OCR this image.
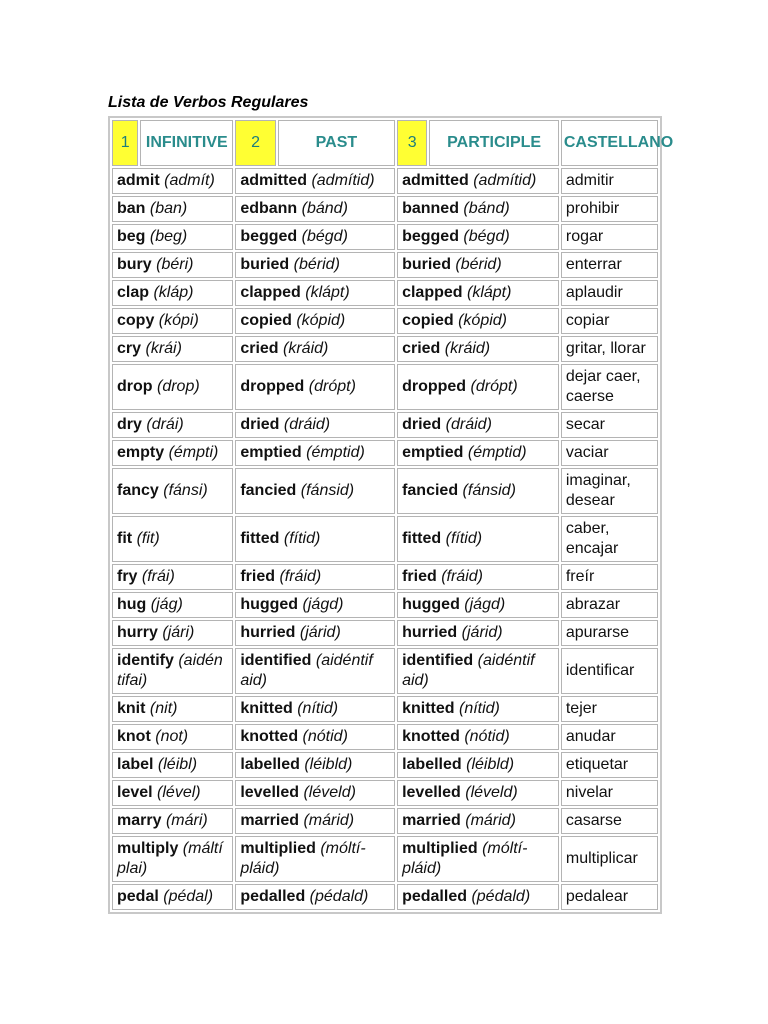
Lista de Verbos Regulares
1	INFINITIVE	2	PAST	3	PARTICIPLE	CASTELLANO
admit (admít)		admitted (admítid)		admitted (admítid)		admitir
ban (ban)		edbann (bánd)		banned (bánd)		prohibir
beg (beg)		begged (bégd)		begged (bégd)		rogar
bury (béri)		buried (bérid)		buried (bérid)		enterrar
clap (kláp)		clapped (klápt)		clapped (klápt)		aplaudir
copy (kópi)		copied (kópid)		copied (kópid)		copiar
cry (krái)		cried (kráid)		cried (kráid)		gritar, llorar
drop (drop)		dropped (drópt)		dropped (drópt)		dejar caer, caerse
dry (drái)		dried (dráid)		dried (dráid)		secar
empty (émpti)		emptied (émptid)		emptied (émptid)		vaciar
fancy (fánsi)		fancied (fánsid)		fancied (fánsid)		imaginar, desear
fit (fit)		fitted (fítid)		fitted (fítid)		caber, encajar
fry (frái)		fried (fráid)		fried (fráid)		freír
hug (jág)		hugged (jágd)		hugged (jágd)		abrazar
hurry (jári)		hurried (járid)		hurried (járid)		apurarse
identify (aidén tifai)		identified (aidéntif aid)		identified (aidéntif aid)		identificar
knit (nit)		knitted (nítid)		knitted (nítid)		tejer
knot (not)		knotted (nótid)		knotted (nótid)		anudar
label (léibl)		labelled (léibld)		labelled (léibld)		etiquetar
level (lével)		levelled (léveld)		levelled (léveld)		nivelar
marry (mári)		married (márid)		married (márid)		casarse
multiply (máltí plai)		multiplied (móltí-pláid)		multiplied (móltí-pláid)		multiplicar
pedal (pédal)		pedalled (pédald)		pedalled (pédald)		pedalear
